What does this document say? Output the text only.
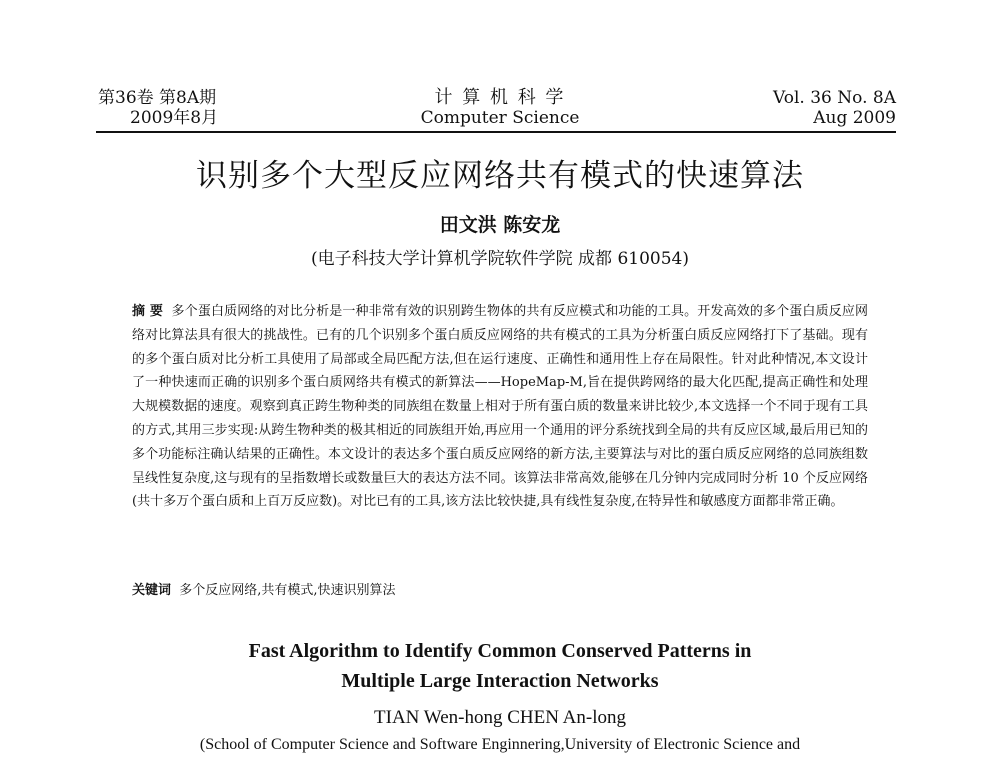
第36卷 第8A期
2009年8月
计 算 机 科 学
Computer Science
Vol. 36 No. 8A
Aug 2009
识别多个大型反应网络共有模式的快速算法
田文洪 陈安龙
(电子科技大学计算机学院软件学院 成都 610054)
摘 要 多个蛋白质网络的对比分析是一种非常有效的识别跨生物体的共有反应模式和功能的工具。开发高效的多个蛋白质反应网络对比算法具有很大的挑战性。已有的几个识别多个蛋白质反应网络的共有模式的工具为分析蛋白质反应网络打下了基础。现有的多个蛋白质对比分析工具使用了局部或全局匹配方法,但在运行速度、正确性和通用性上存在局限性。针对此种情况,本文设计了一种快速而正确的识别多个蛋白质网络共有模式的新算法——HopeMap-M,旨在提供跨网络的最大化匹配,提高正确性和处理大规模数据的速度。观察到真正跨生物种类的同族组在数量上相对于所有蛋白质的数量来讲比较少,本文选择一个不同于现有工具的方式,其用三步实现:从跨生物种类的极其相近的同族组开始,再应用一个通用的评分系统找到全局的共有反应区域,最后用已知的多个功能标注确认结果的正确性。本文设计的表达多个蛋白质反应网络的新方法,主要算法与对比的蛋白质反应网络的总同族组数呈线性复杂度,这与现有的呈指数增长或数量巨大的表达方法不同。该算法非常高效,能够在几分钟内完成同时分析 10 个反应网络(共十多万个蛋白质和上百万反应数)。对比已有的工具,该方法比较快捷,具有线性复杂度,在特异性和敏感度方面都非常正确。
关键词 多个反应网络,共有模式,快速识别算法
Fast Algorithm to Identify Common Conserved Patterns in
Multiple Large Interaction Networks
TIAN Wen-hong CHEN An-long
(School of Computer Science and Software Enginnering,University of Electronic Science and
